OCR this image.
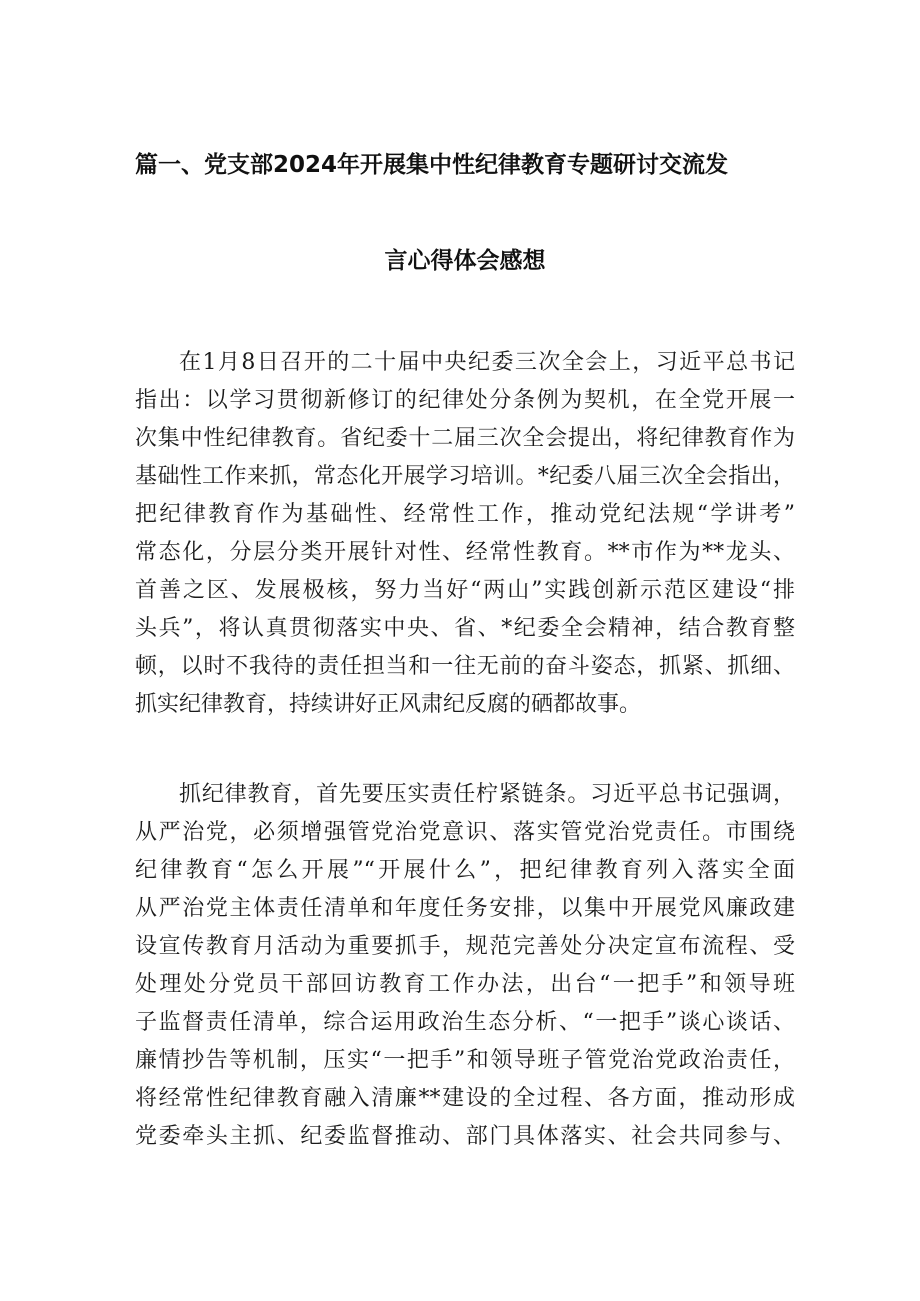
篇一、党支部2024年开展集中性纪律教育专题研讨交流发
言心得体会感想
在1月8日召开的二十届中央纪委三次全会上，习近平总书记
指出：以学习贯彻新修订的纪律处分条例为契机，在全党开展一
次集中性纪律教育。省纪委十二届三次全会提出，将纪律教育作为
基础性工作来抓，常态化开展学习培训。*纪委八届三次全会指出，
把纪律教育作为基础性、经常性工作，推动党纪法规“学讲考”
常态化，分层分类开展针对性、经常性教育。**市作为**龙头、
首善之区、发展极核，努力当好“两山”实践创新示范区建设“排
头兵”，将认真贯彻落实中央、省、*纪委全会精神，结合教育整
顿，以时不我待的责任担当和一往无前的奋斗姿态，抓紧、抓细、
抓实纪律教育，持续讲好正风肃纪反腐的硒都故事。
抓纪律教育，首先要压实责任柠紧链条。习近平总书记强调，
从严治党，必须增强管党治党意识、落实管党治党责任。市围绕
纪律教育“怎么开展”“开展什么”，把纪律教育列入落实全面
从严治党主体责任清单和年度任务安排，以集中开展党风廉政建
设宣传教育月活动为重要抓手，规范完善处分决定宣布流程、受
处理处分党员干部回访教育工作办法，出台“一把手”和领导班
子监督责任清单，综合运用政治生态分析、“一把手”谈心谈话、
廉情抄告等机制，压实“一把手”和领导班子管党治党政治责任，
将经常性纪律教育融入清廉**建设的全过程、各方面，推动形成
党委牵头主抓、纪委监督推动、部门具体落实、社会共同参与、
